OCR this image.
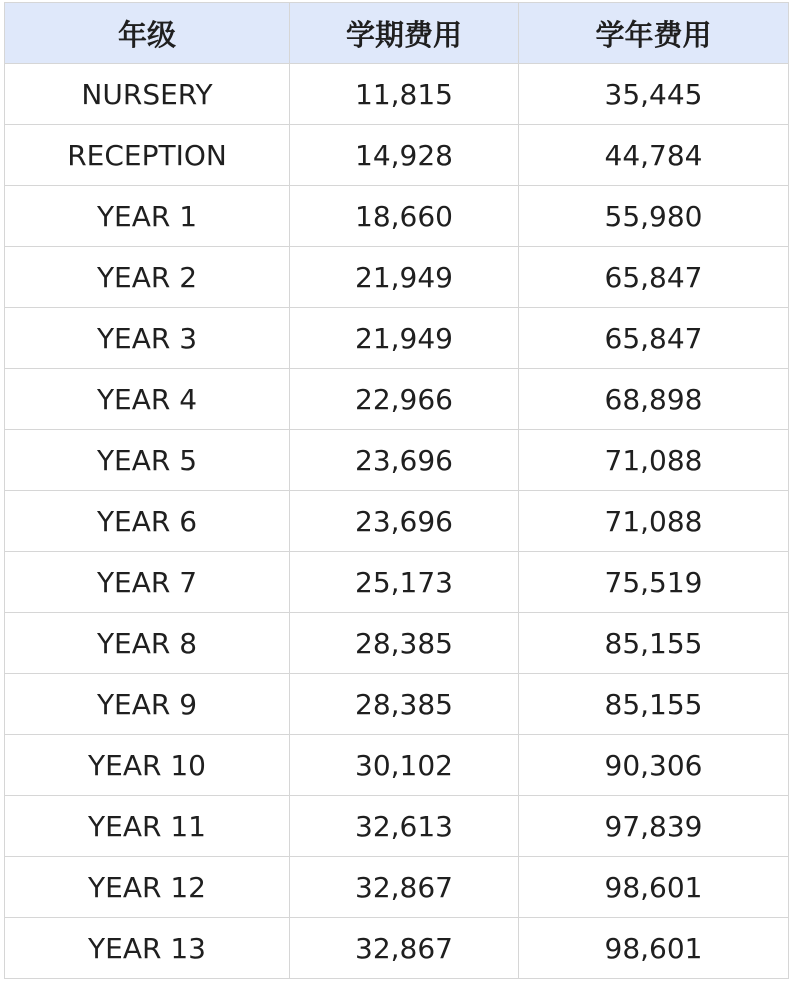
年级	学期费用	学年费用
NURSERY	11,815	35,445
RECEPTION	14,928	44,784
YEAR 1	18,660	55,980
YEAR 2	21,949	65,847
YEAR 3	21,949	65,847
YEAR 4	22,966	68,898
YEAR 5	23,696	71,088
YEAR 6	23,696	71,088
YEAR 7	25,173	75,519
YEAR 8	28,385	85,155
YEAR 9	28,385	85,155
YEAR 10	30,102	90,306
YEAR 11	32,613	97,839
YEAR 12	32,867	98,601
YEAR 13	32,867	98,601
